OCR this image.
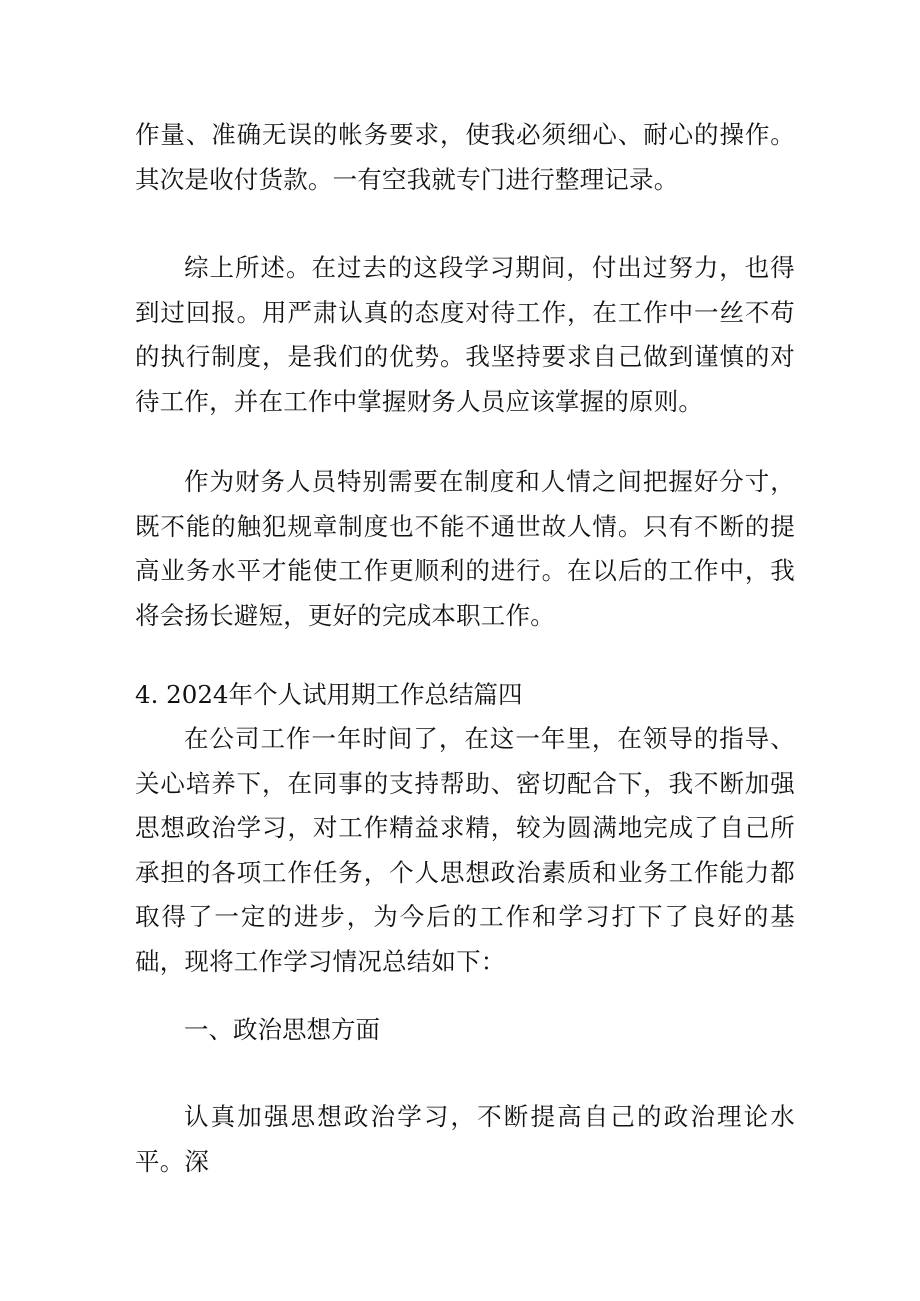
作量、准确无误的帐务要求，使我必须细心、耐心的操作。其次是收付货款。一有空我就专门进行整理记录。

综上所述。在过去的这段学习期间，付出过努力，也得到过回报。用严肃认真的态度对待工作，在工作中一丝不苟的执行制度，是我们的优势。我坚持要求自己做到谨慎的对待工作，并在工作中掌握财务人员应该掌握的原则。

作为财务人员特别需要在制度和人情之间把握好分寸，既不能的触犯规章制度也不能不通世故人情。只有不断的提高业务水平才能使工作更顺利的进行。在以后的工作中，我将会扬长避短，更好的完成本职工作。

4. 2024年个人试用期工作总结篇四

在公司工作一年时间了，在这一年里，在领导的指导、关心培养下，在同事的支持帮助、密切配合下，我不断加强思想政治学习，对工作精益求精，较为圆满地完成了自己所承担的各项工作任务，个人思想政治素质和业务工作能力都取得了一定的进步，为今后的工作和学习打下了良好的基础，现将工作学习情况总结如下：

一、政治思想方面

认真加强思想政治学习，不断提高自己的政治理论水平。深
